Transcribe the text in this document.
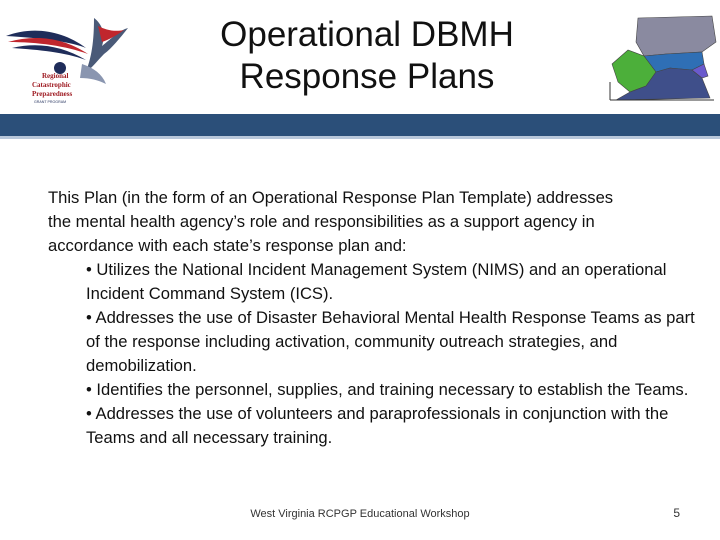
Regional
Catastrophic
Preparedness
GRANT PROGRAM
Operational DBMH
Response Plans
This Plan (in the form of an Operational Response Plan Template) addresses
the mental health agency’s role and responsibilities as a support agency in
accordance with each state’s response plan and:
• Utilizes the National Incident Management System (NIMS) and an operational Incident Command System (ICS).
• Addresses the use of Disaster Behavioral Mental Health Response Teams as part of the response including activation, community outreach strategies, and demobilization.
• Identifies the personnel, supplies, and training necessary to establish the Teams.
• Addresses the use of volunteers and paraprofessionals in conjunction with the Teams and all necessary training.
West Virginia RCPGP Educational Workshop	5
